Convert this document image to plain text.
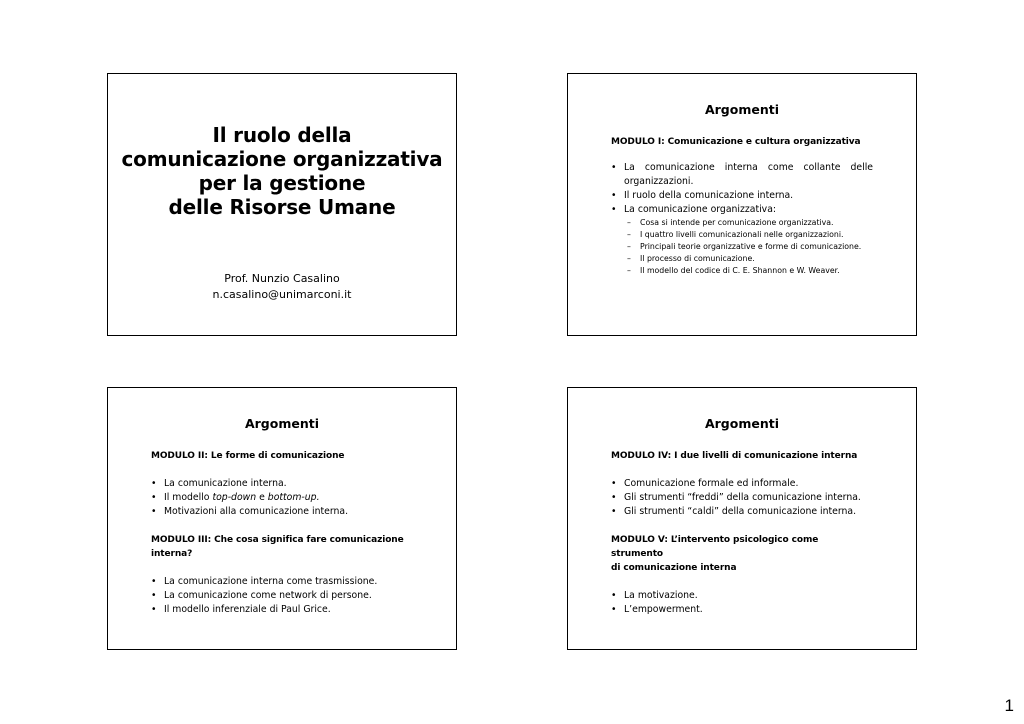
Il ruolo della
comunicazione organizzativa
per la gestione
delle Risorse Umane
Prof. Nunzio Casalino
n.casalino@unimarconi.it
Argomenti
MODULO I: Comunicazione e cultura organizzativa
• La comunicazione interna come collante delle
organizzazioni.
• Il ruolo della comunicazione interna.
• La comunicazione organizzativa:
– Cosa si intende per comunicazione organizzativa.
– I quattro livelli comunicazionali nelle organizzazioni.
– Principali teorie organizzative e forme di comunicazione.
– Il processo di comunicazione.
– Il modello del codice di C. E. Shannon e W. Weaver.
Argomenti
MODULO II: Le forme di comunicazione
• La comunicazione interna.
• Il modello top-down e bottom-up.
• Motivazioni alla comunicazione interna.
MODULO III: Che cosa significa fare comunicazione
interna?
• La comunicazione interna come trasmissione.
• La comunicazione come network di persone.
• Il modello inferenziale di Paul Grice.
Argomenti
MODULO IV: I due livelli di comunicazione interna
• Comunicazione formale ed informale.
• Gli strumenti “freddi” della comunicazione interna.
• Gli strumenti “caldi” della comunicazione interna.
MODULO V: L’intervento psicologico come strumento
di comunicazione interna
• La motivazione.
• L’empowerment.
1
